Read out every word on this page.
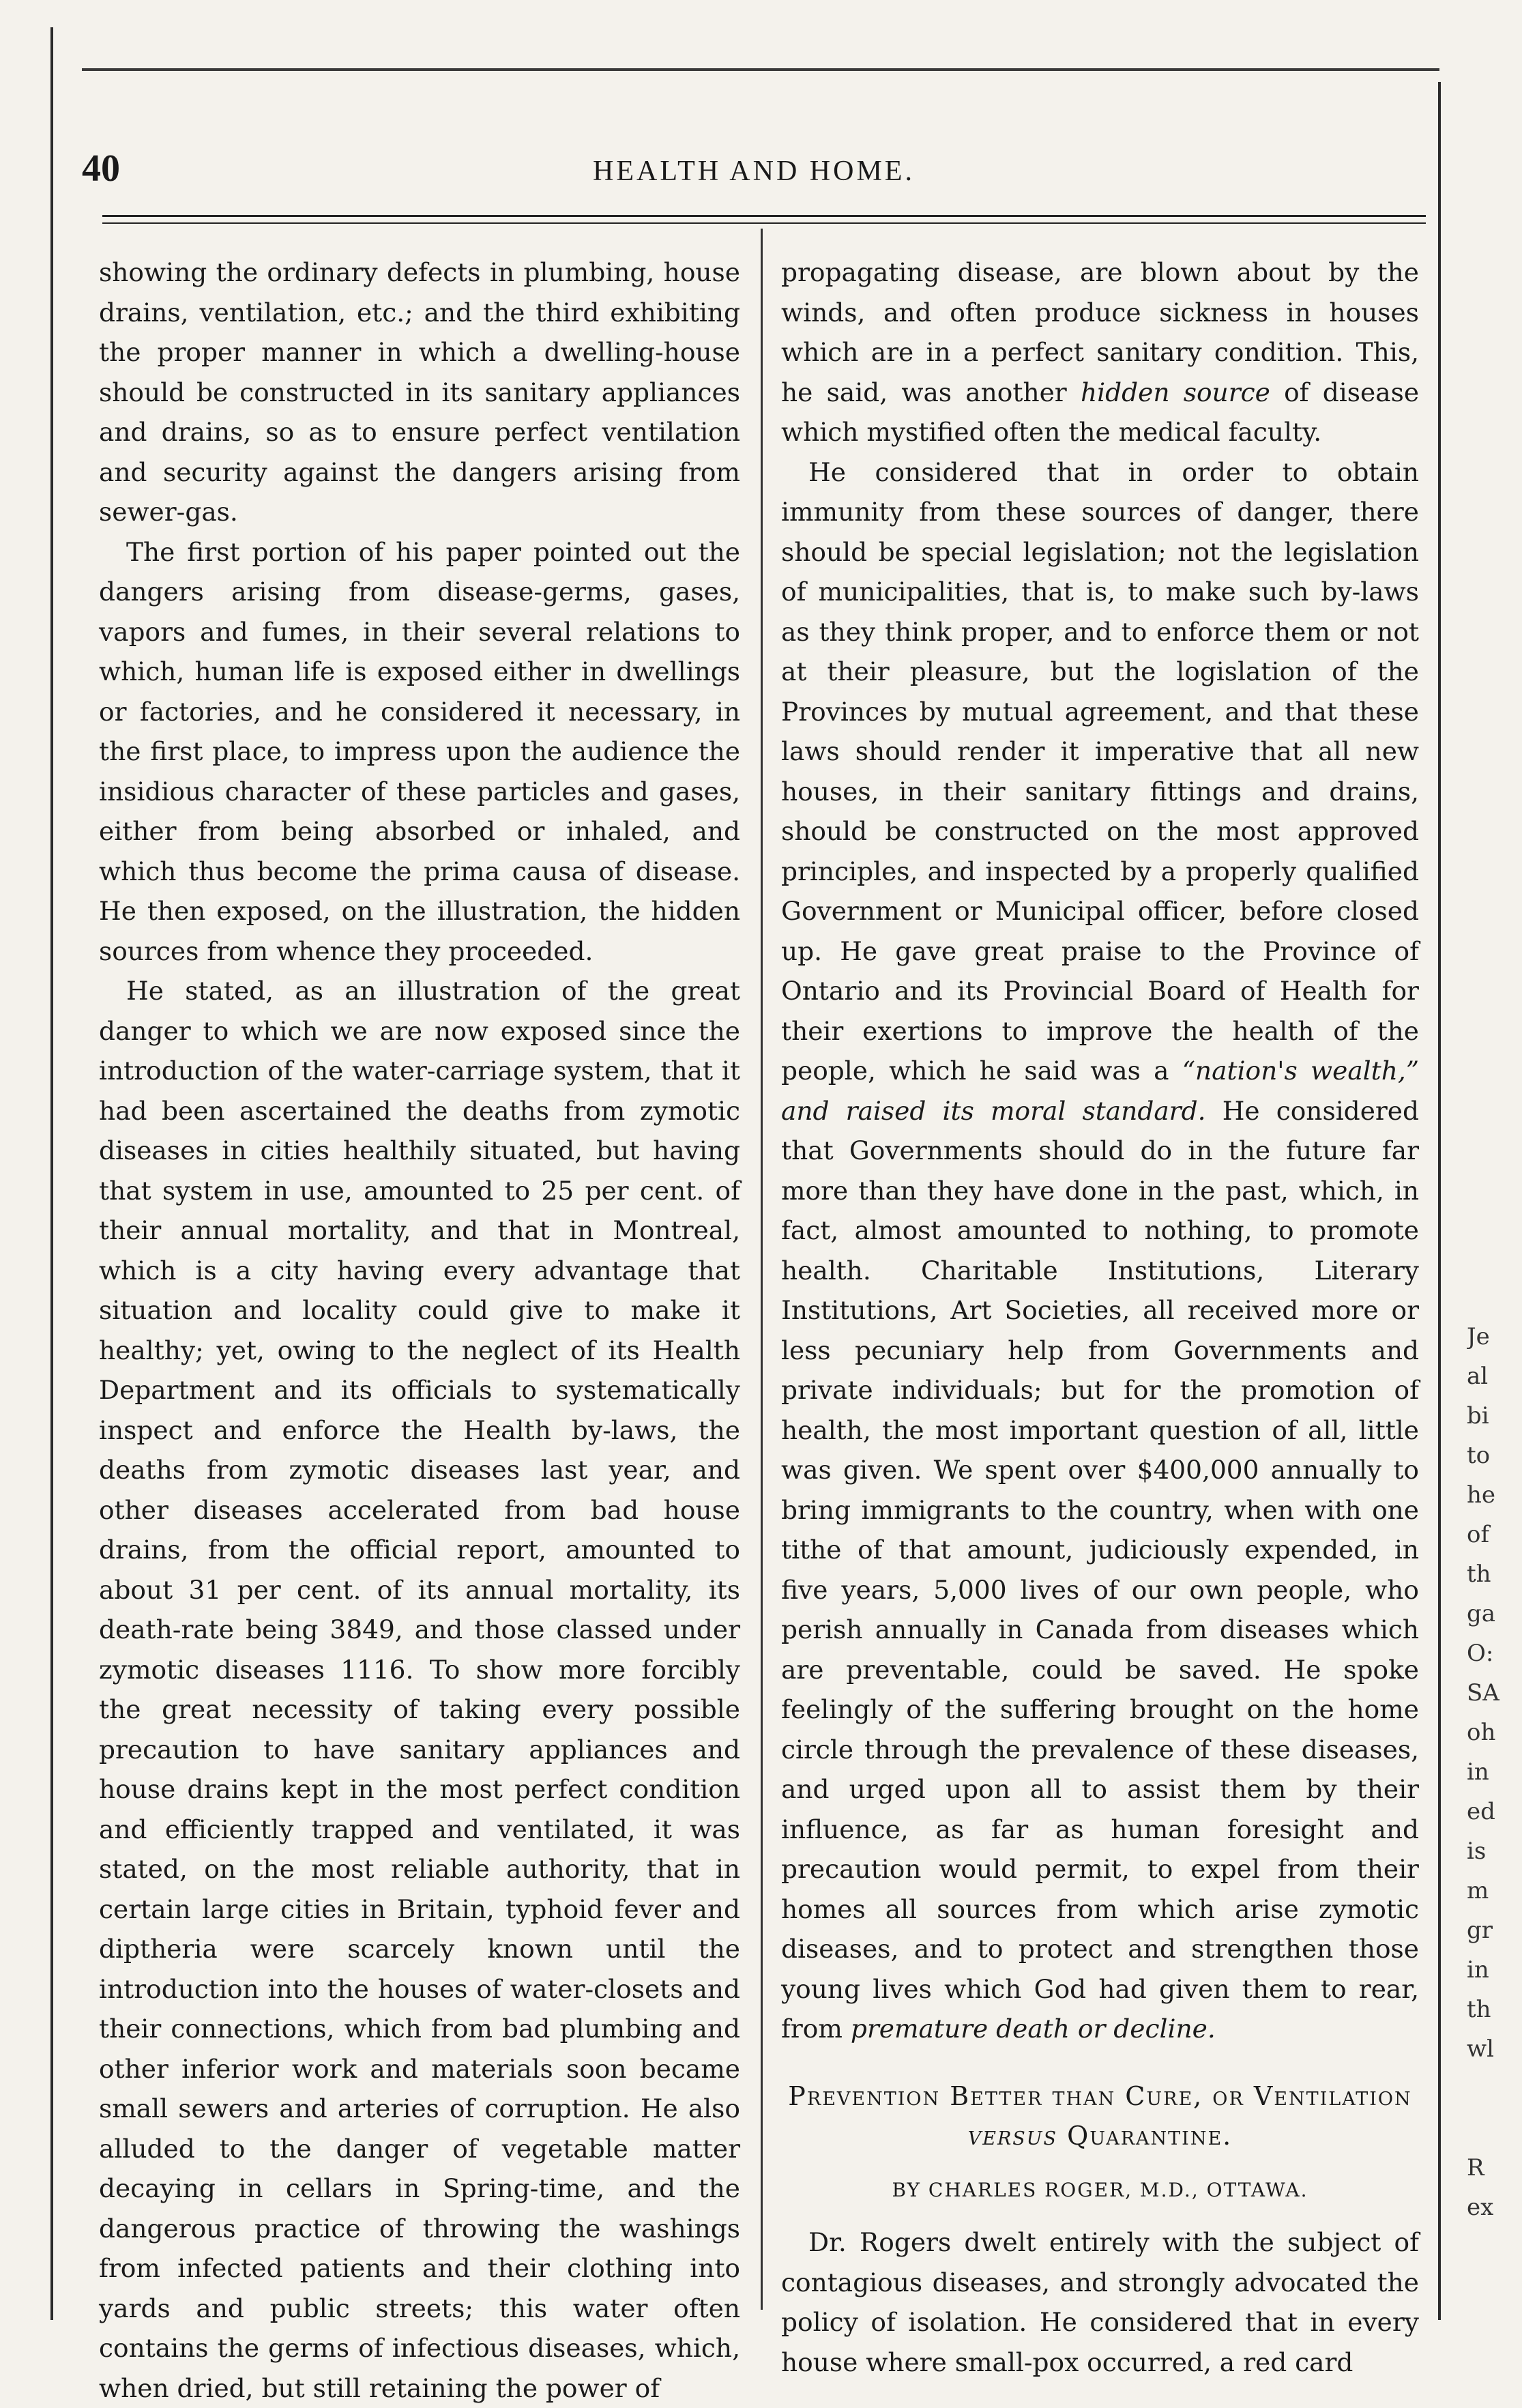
40	HEALTH AND HOME.

showing the ordinary defects in plumbing, house drains, ventilation, etc.; and the third exhibiting the proper manner in which a dwelling-house should be constructed in its sanitary appliances and drains, so as to ensure perfect ventilation and security against the dangers arising from sewer-gas.

The first portion of his paper pointed out the dangers arising from disease-germs, gases, vapors and fumes, in their several relations to which, human life is exposed either in dwellings or factories, and he considered it necessary, in the first place, to impress upon the audience the insidious character of these particles and gases, either from being absorbed or inhaled, and which thus become the prima causa of disease. He then exposed, on the illustration, the hidden sources from whence they proceeded.

He stated, as an illustration of the great danger to which we are now exposed since the introduction of the water-carriage system, that it had been ascertained the deaths from zymotic diseases in cities healthily situated, but having that system in use, amounted to 25 per cent. of their annual mortality, and that in Montreal, which is a city having every advantage that situation and locality could give to make it healthy; yet, owing to the neglect of its Health Department and its officials to systematically inspect and enforce the Health by-laws, the deaths from zymotic diseases last year, and other diseases accelerated from bad house drains, from the official report, amounted to about 31 per cent. of its annual mortality, its death-rate being 3849, and those classed under zymotic diseases 1116. To show more forcibly the great necessity of taking every possible precaution to have sanitary appliances and house drains kept in the most perfect condition and efficiently trapped and ventilated, it was stated, on the most reliable authority, that in certain large cities in Britain, typhoid fever and diptheria were scarcely known until the introduction into the houses of water-closets and their connections, which from bad plumbing and other inferior work and materials soon became small sewers and arteries of corruption. He also alluded to the danger of vegetable matter decaying in cellars in Spring-time, and the dangerous practice of throwing the washings from infected patients and their clothing into yards and public streets; this water often contains the germs of infectious diseases, which, when dried, but still retaining the power of

propagating disease, are blown about by the winds, and often produce sickness in houses which are in a perfect sanitary condition. This, he said, was another hidden source of disease which mystified often the medical faculty.

He considered that in order to obtain immunity from these sources of danger, there should be special legislation; not the legislation of municipalities, that is, to make such by-laws as they think proper, and to enforce them or not at their pleasure, but the logislation of the Provinces by mutual agreement, and that these laws should render it imperative that all new houses, in their sanitary fittings and drains, should be constructed on the most approved principles, and inspected by a properly qualified Government or Municipal officer, before closed up. He gave great praise to the Province of Ontario and its Provincial Board of Health for their exertions to improve the health of the people, which he said was a “nation's wealth,” and raised its moral standard. He considered that Governments should do in the future far more than they have done in the past, which, in fact, almost amounted to nothing, to promote health. Charitable Institutions, Literary Institutions, Art Societies, all received more or less pecuniary help from Governments and private individuals; but for the promotion of health, the most important question of all, little was given. We spent over $400,000 annually to bring immigrants to the country, when with one tithe of that amount, judiciously expended, in five years, 5,000 lives of our own people, who perish annually in Canada from diseases which are preventable, could be saved. He spoke feelingly of the suffering brought on the home circle through the prevalence of these diseases, and urged upon all to assist them by their influence, as far as human foresight and precaution would permit, to expel from their homes all sources from which arise zymotic diseases, and to protect and strengthen those young lives which God had given them to rear, from premature death or decline.

Prevention Better than Cure, or Ventilation versus Quarantine.
BY CHARLES ROGER, M.D., OTTAWA.

Dr. Rogers dwelt entirely with the subject of contagious diseases, and strongly advocated the policy of isolation. He considered that in every house where small-pox occurred, a red card

Je
al
bi
to
he
of
th
ga
O:
SA
oh
in
ed
is
m
gr
in
th
wl

R
ex
